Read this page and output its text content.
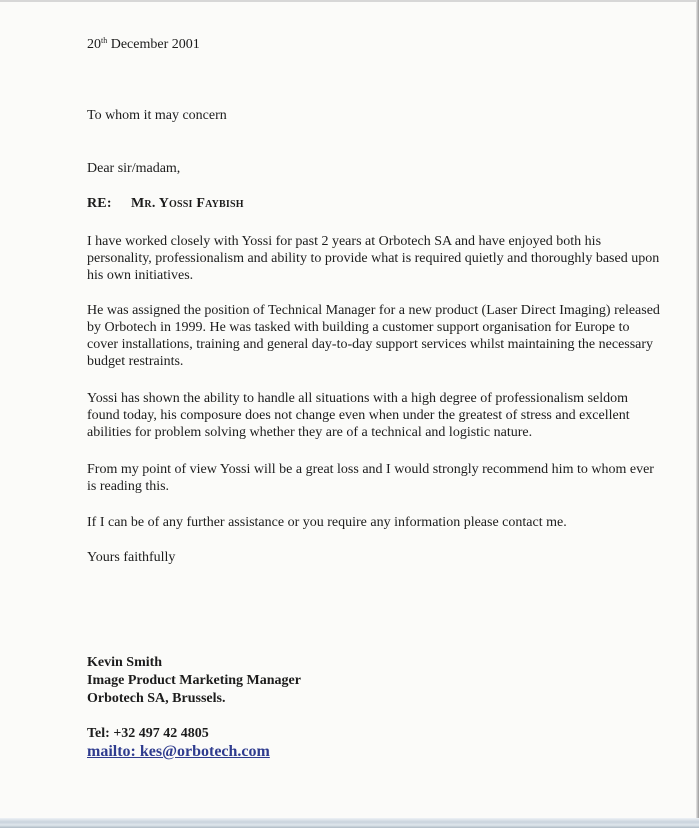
20th December 2001
To whom it may concern
Dear sir/madam,
RE: Mr. Yossi Faybish

I have worked closely with Yossi for past 2 years at Orbotech SA and have enjoyed both his personality, professionalism and ability to provide what is required quietly and thoroughly based upon his own initiatives.

He was assigned the position of Technical Manager for a new product (Laser Direct Imaging) released by Orbotech in 1999. He was tasked with building a customer support organisation for Europe to cover installations, training and general day-to-day support services whilst maintaining the necessary budget restraints.

Yossi has shown the ability to handle all situations with a high degree of professionalism seldom found today, his composure does not change even when under the greatest of stress and excellent abilities for problem solving whether they are of a technical and logistic nature.

From my point of view Yossi will be a great loss and I would strongly recommend him to whom ever is reading this.

If I can be of any further assistance or you require any information please contact me.

Yours faithfully
Kevin Smith
Image Product Marketing Manager
Orbotech SA, Brussels.
Tel: +32 497 42 4805
mailto: kes@orbotech.com
